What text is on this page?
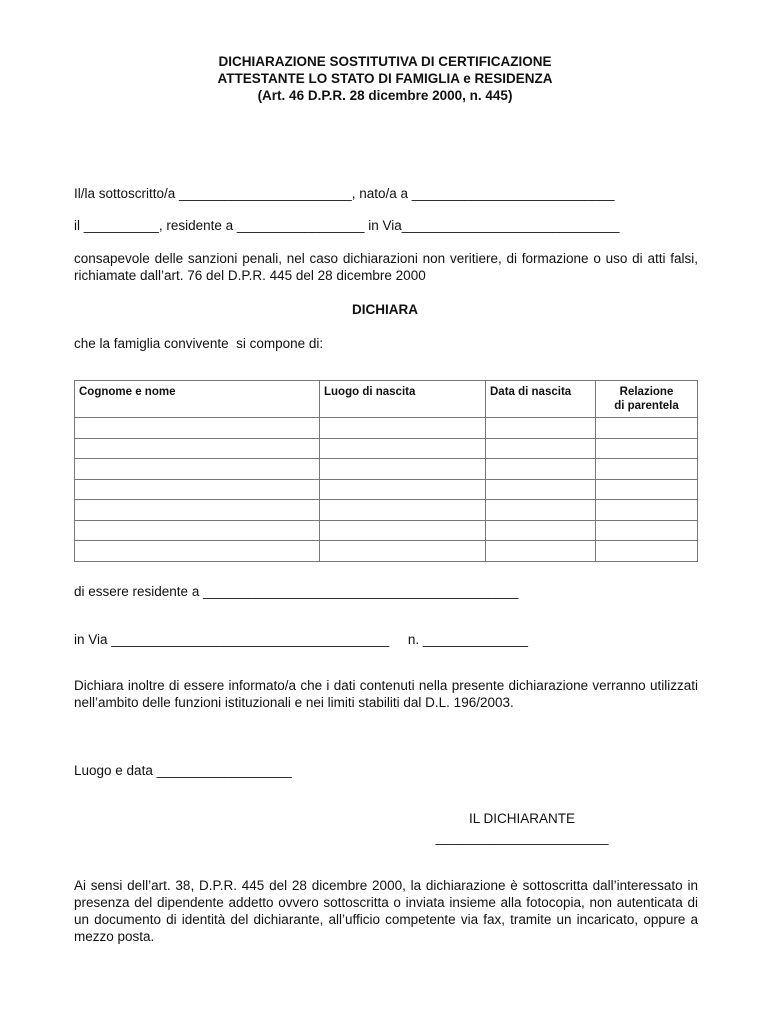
DICHIARAZIONE SOSTITUTIVA DI CERTIFICAZIONE
ATTESTANTE LO STATO DI FAMIGLIA e RESIDENZA
(Art. 46 D.P.R. 28 dicembre 2000, n. 445)
Il/la sottoscritto/a _______________________, nato/a a ___________________________
il __________, residente a _________________ in Via_____________________________
consapevole delle sanzioni penali, nel caso dichiarazioni non veritiere, di formazione o uso di atti falsi, richiamate dall’art. 76 del D.P.R. 445 del 28 dicembre 2000
DICHIARA
che la famiglia convivente  si compone di:
Cognome e nome	Luogo di nascita	Data di nascita	Relazione
di parentela

di essere residente a __________________________________________
in Via _____________________________________     n. ______________
Dichiara inoltre di essere informato/a che i dati contenuti nella presente dichiarazione verranno utilizzati nell’ambito delle funzioni istituzionali e nei limiti stabiliti dal D.L. 196/2003.
Luogo e data __________________
IL DICHIARANTE
_______________________
Ai sensi dell’art. 38, D.P.R. 445 del 28 dicembre 2000, la dichiarazione è sottoscritta dall’interessato in presenza del dipendente addetto ovvero sottoscritta o inviata insieme alla fotocopia, non autenticata di un documento di identità del dichiarante, all’ufficio competente via fax, tramite un incaricato, oppure a mezzo posta.
